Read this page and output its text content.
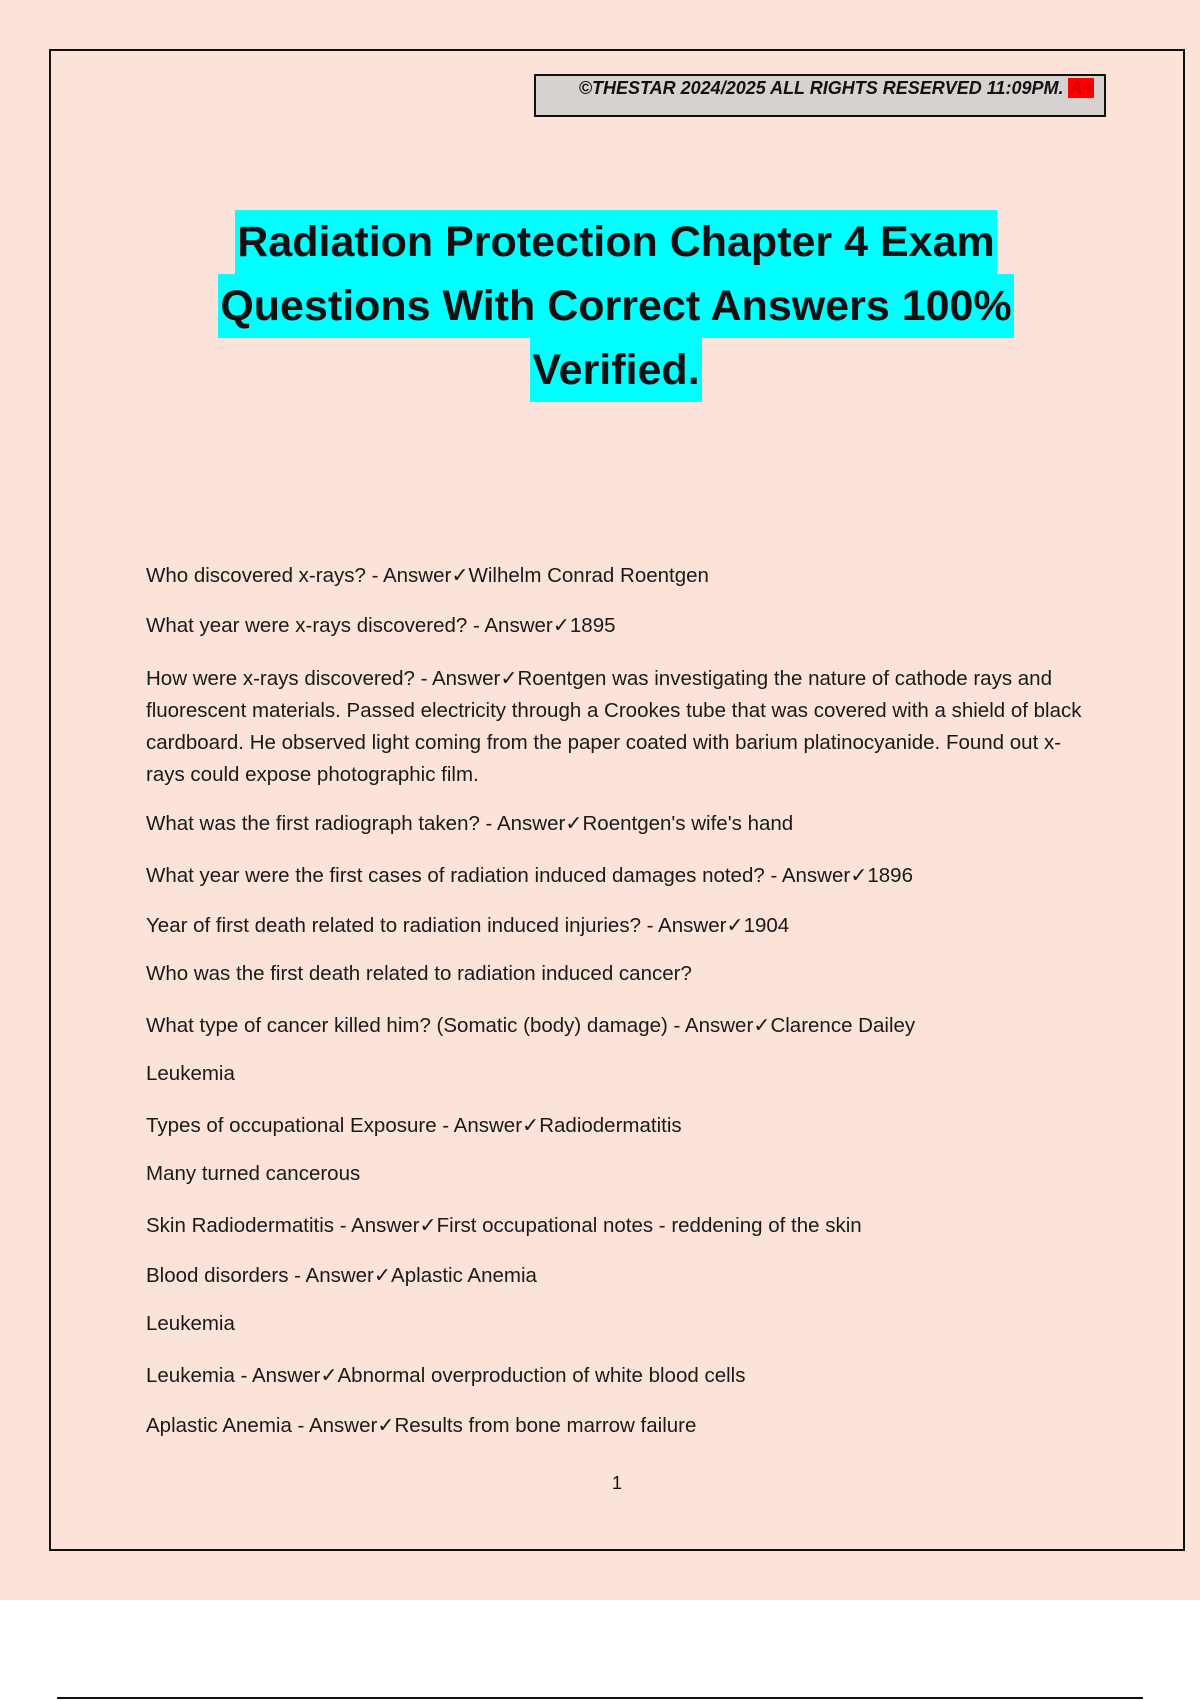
©THESTAR 2024/2025 ALL RIGHTS RESERVED 11:09PM. A+
Radiation Protection Chapter 4 Exam
Questions With Correct Answers 100%
Verified.
Who discovered x-rays? - Answer✓Wilhelm Conrad Roentgen
What year were x-rays discovered? - Answer✓1895
How were x-rays discovered? - Answer✓Roentgen was investigating the nature of cathode rays and fluorescent materials. Passed electricity through a Crookes tube that was covered with a shield of black cardboard. He observed light coming from the paper coated with barium platinocyanide. Found out x-rays could expose photographic film.
What was the first radiograph taken? - Answer✓Roentgen's wife's hand
What year were the first cases of radiation induced damages noted? - Answer✓1896
Year of first death related to radiation induced injuries? - Answer✓1904
Who was the first death related to radiation induced cancer?
What type of cancer killed him? (Somatic (body) damage) - Answer✓Clarence Dailey
Leukemia
Types of occupational Exposure - Answer✓Radiodermatitis
Many turned cancerous
Skin Radiodermatitis - Answer✓First occupational notes - reddening of the skin
Blood disorders - Answer✓Aplastic Anemia
Leukemia
Leukemia - Answer✓Abnormal overproduction of white blood cells
Aplastic Anemia - Answer✓Results from bone marrow failure
1
